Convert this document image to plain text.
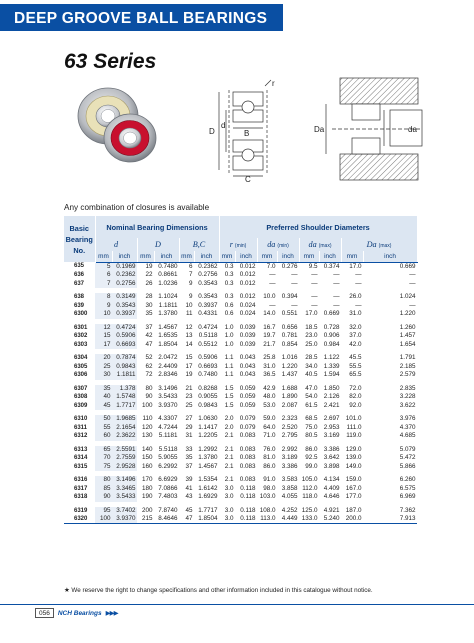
DEEP GROOVE BALL BEARINGS
63 Series
r
D	B
d
C
Da	da
Any combination of closures is available
Basic
Bearing
No.	Nominal Bearing Dimensions						Preferred Shoulder Diameters							
	d		D		B,C		r (min)		da (min)		da (max)		Da (max)	
	mm	inch	mm	inch	mm	inch	mm	inch	mm	inch	mm	inch	mm	inch
635	5	0.1969	19	0.7480	6	0.2362	0.3	0.012	7.0	0.276	9.5	0.374	17.0	0.669
636	6	0.2362	22	0.8661	7	0.2756	0.3	0.012	—	—	—	—	—	—
637	7	0.2756	26	1.0236	9	0.3543	0.3	0.012	—	—	—	—	—	—

638	8	0.3149	28	1.1024	9	0.3543	0.3	0.012	10.0	0.394	—	—	26.0	1.024
639	9	0.3543	30	1.1811	10	0.3937	0.6	0.024	—	—	—	—	—	—
6300	10	0.3937	35	1.3780	11	0.4331	0.6	0.024	14.0	0.551	17.0	0.669	31.0	1.220

6301	12	0.4724	37	1.4567	12	0.4724	1.0	0.039	16.7	0.656	18.5	0.728	32.0	1.260
6302	15	0.5906	42	1.6535	13	0.5118	1.0	0.039	19.7	0.781	23.0	0.906	37.0	1.457
6303	17	0.6693	47	1.8504	14	0.5512	1.0	0.039	21.7	0.854	25.0	0.984	42.0	1.654

6304	20	0.7874	52	2.0472	15	0.5906	1.1	0.043	25.8	1.016	28.5	1.122	45.5	1.791
6305	25	0.9843	62	2.4409	17	0.6693	1.1	0.043	31.0	1.220	34.0	1.339	55.5	2.185
6306	30	1.1811	72	2.8346	19	0.7480	1.1	0.043	36.5	1.437	40.5	1.594	65.5	2.579

6307	35	1.378	80	3.1496	21	0.8268	1.5	0.059	42.9	1.688	47.0	1.850	72.0	2.835
6308	40	1.5748	90	3.5433	23	0.9055	1.5	0.059	48.0	1.890	54.0	2.126	82.0	3.228
6309	45	1.7717	100	3.9370	25	0.9843	1.5	0.059	53.0	2.087	61.5	2.421	92.0	3.622

6310	50	1.9685	110	4.3307	27	1.0630	2.0	0.079	59.0	2.323	68.5	2.697	101.0	3.976
6311	55	2.1654	120	4.7244	29	1.1417	2.0	0.079	64.0	2.520	75.0	2.953	111.0	4.370
6312	60	2.3622	130	5.1181	31	1.2205	2.1	0.083	71.0	2.795	80.5	3.169	119.0	4.685

6313	65	2.5591	140	5.5118	33	1.2992	2.1	0.083	76.0	2.992	86.0	3.386	129.0	5.079
6314	70	2.7559	150	5.9055	35	1.3780	2.1	0.083	81.0	3.189	92.5	3.642	139.0	5.472
6315	75	2.9528	160	6.2992	37	1.4567	2.1	0.083	86.0	3.386	99.0	3.898	149.0	5.866

6316	80	3.1496	170	6.6929	39	1.5354	2.1	0.083	91.0	3.583	105.0	4.134	159.0	6.260
6317	85	3.3465	180	7.0866	41	1.6142	3.0	0.118	98.0	3.858	112.0	4.409	167.0	6.575
6318	90	3.5433	190	7.4803	43	1.6929	3.0	0.118	103.0	4.055	118.0	4.646	177.0	6.969

6319	95	3.7402	200	7.8740	45	1.7717	3.0	0.118	108.0	4.252	125.0	4.921	187.0	7.362
6320	100	3.9370	215	8.4646	47	1.8504	3.0	0.118	113.0	4.449	133.0	5.240	200.0	7.913
★ We reserve the right to change specifications and other information included in this catalogue without notice.
056	NCH Bearings ▶▶▶
